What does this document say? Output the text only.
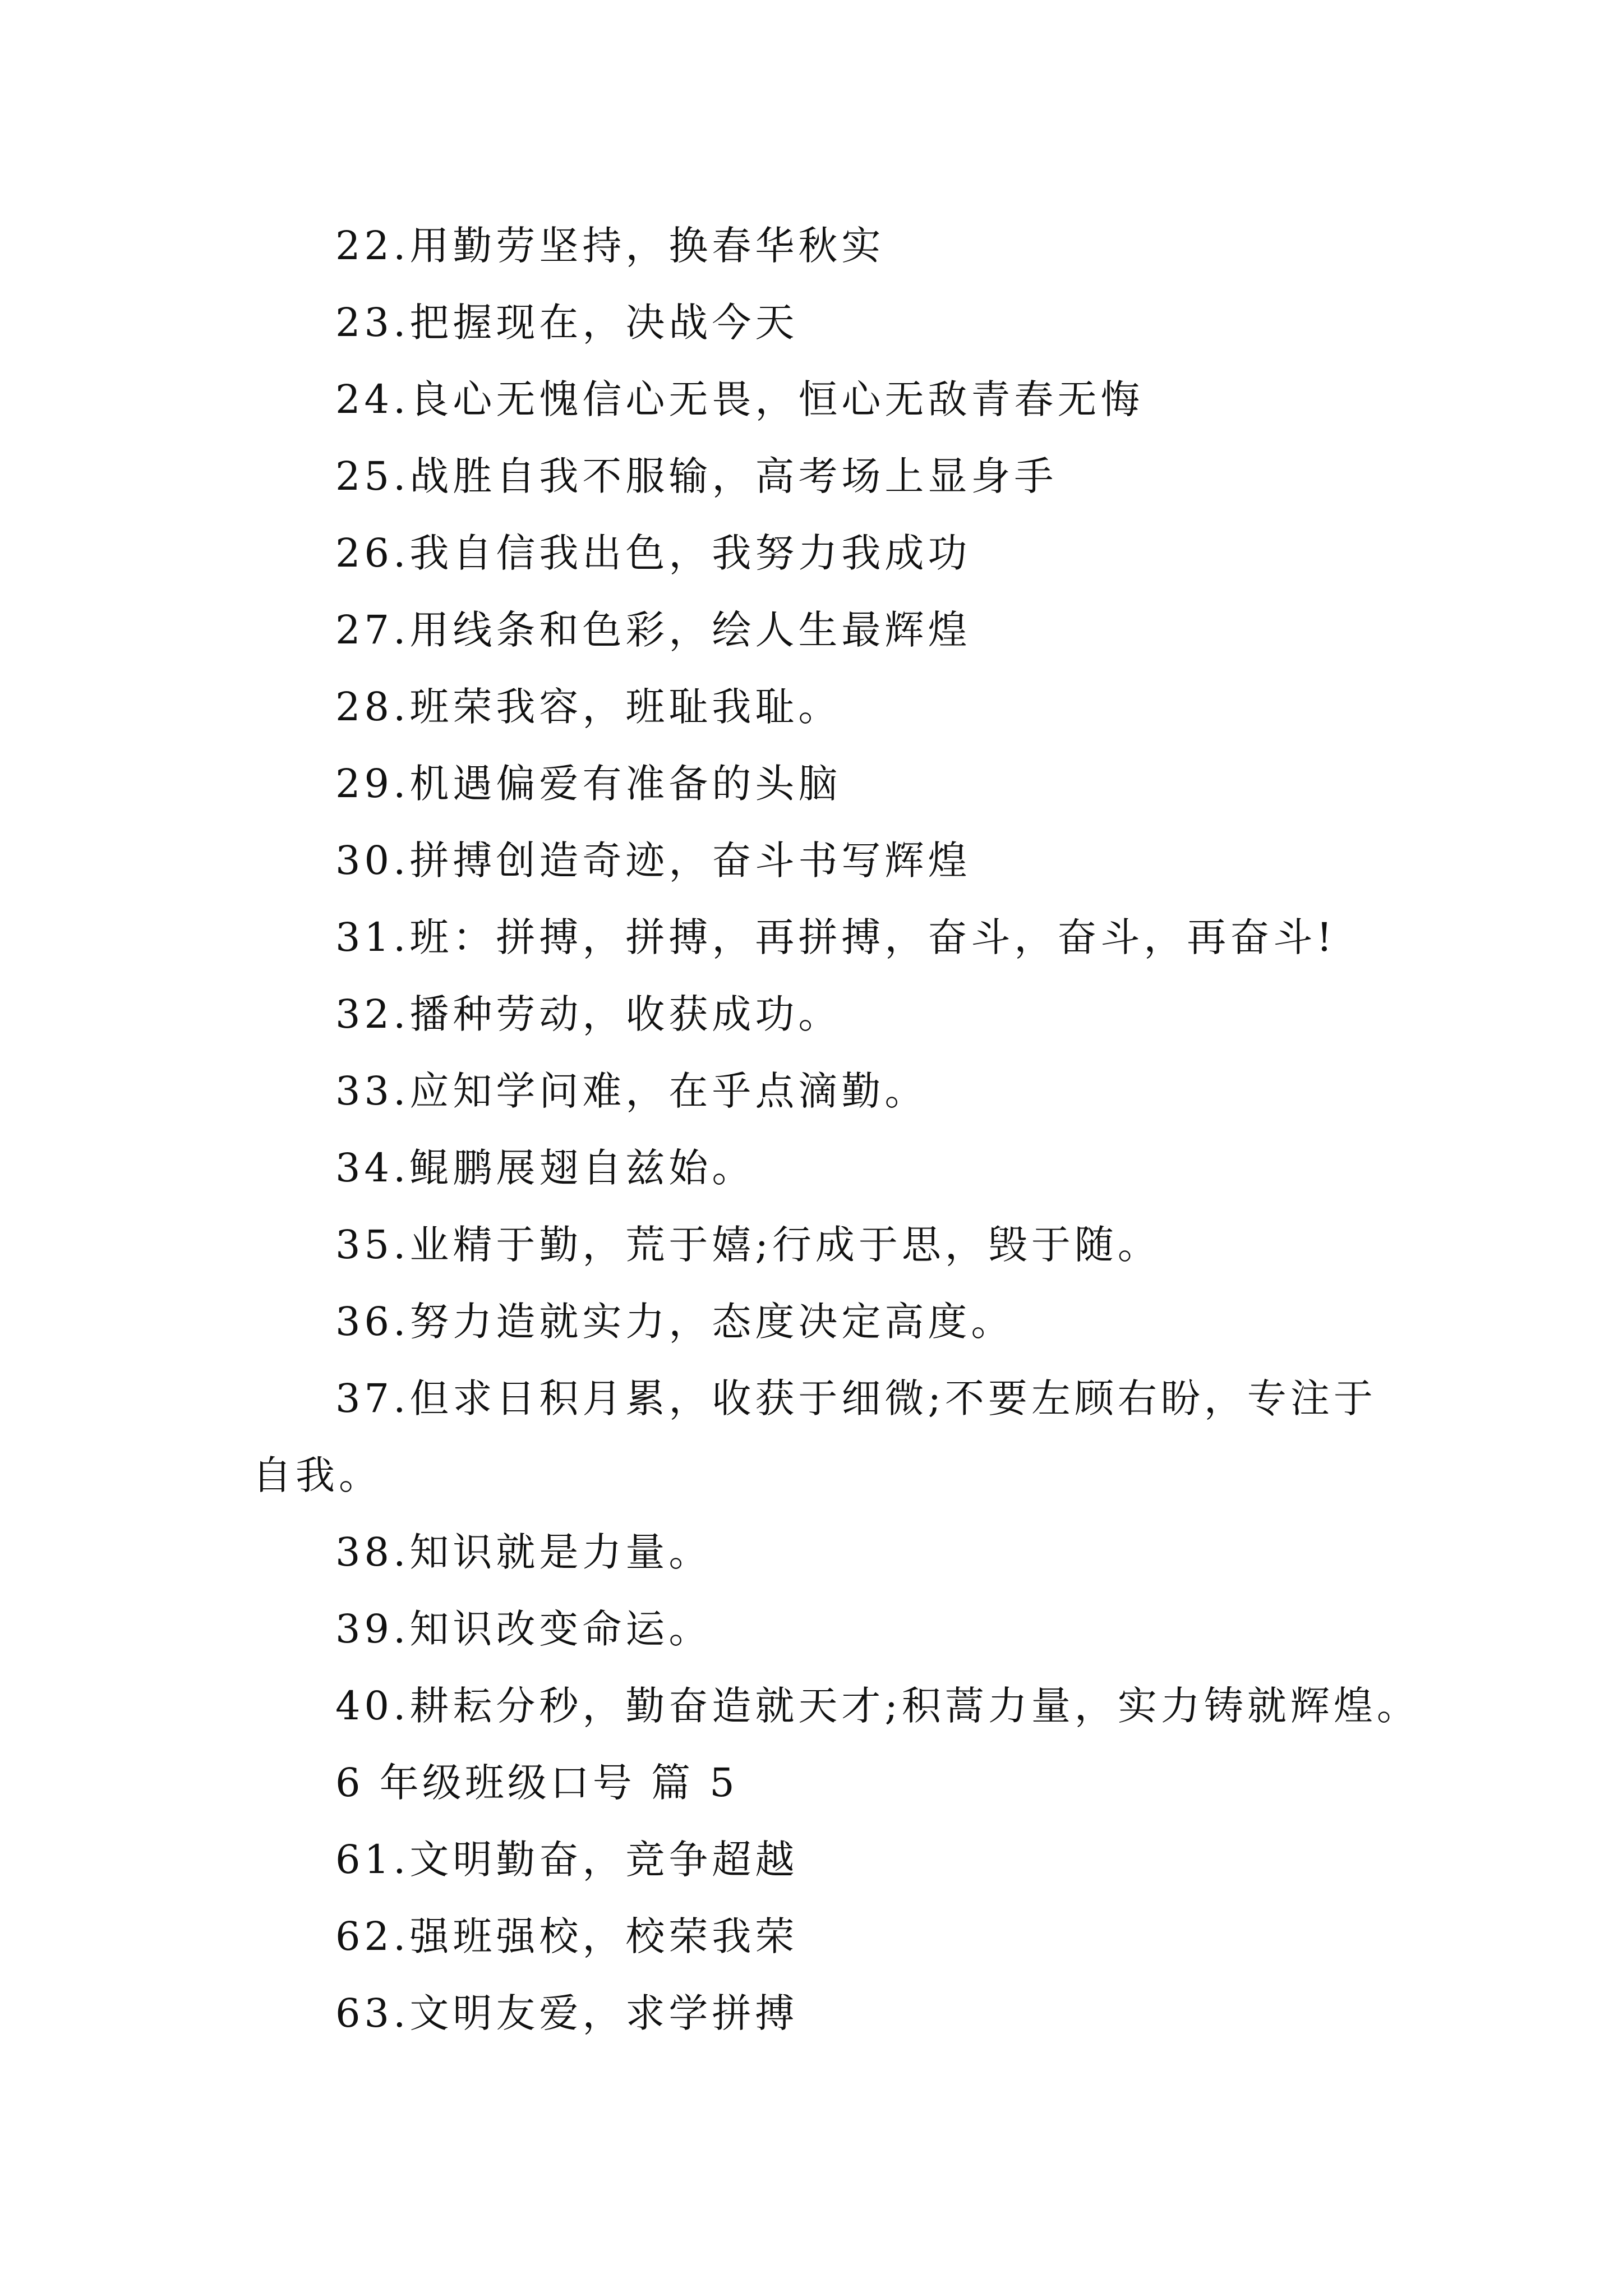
22.用勤劳坚持，换春华秋实
23.把握现在，决战今天
24.良心无愧信心无畏，恒心无敌青春无悔
25.战胜自我不服输，高考场上显身手
26.我自信我出色，我努力我成功
27.用线条和色彩，绘人生最辉煌
28.班荣我容，班耻我耻。
29.机遇偏爱有准备的头脑
30.拼搏创造奇迹，奋斗书写辉煌
31.班：拼搏，拼搏，再拼搏，奋斗，奋斗，再奋斗!
32.播种劳动，收获成功。
33.应知学问难，在乎点滴勤。
34.鲲鹏展翅自兹始。
35.业精于勤，荒于嬉;行成于思，毁于随。
36.努力造就实力，态度决定高度。
37.但求日积月累，收获于细微;不要左顾右盼，专注于
自我。
38.知识就是力量。
39.知识改变命运。
40.耕耘分秒，勤奋造就天才;积蒿力量，实力铸就辉煌。
6 年级班级口号 篇 5
61.文明勤奋，竞争超越
62.强班强校，校荣我荣
63.文明友爱，求学拼搏
